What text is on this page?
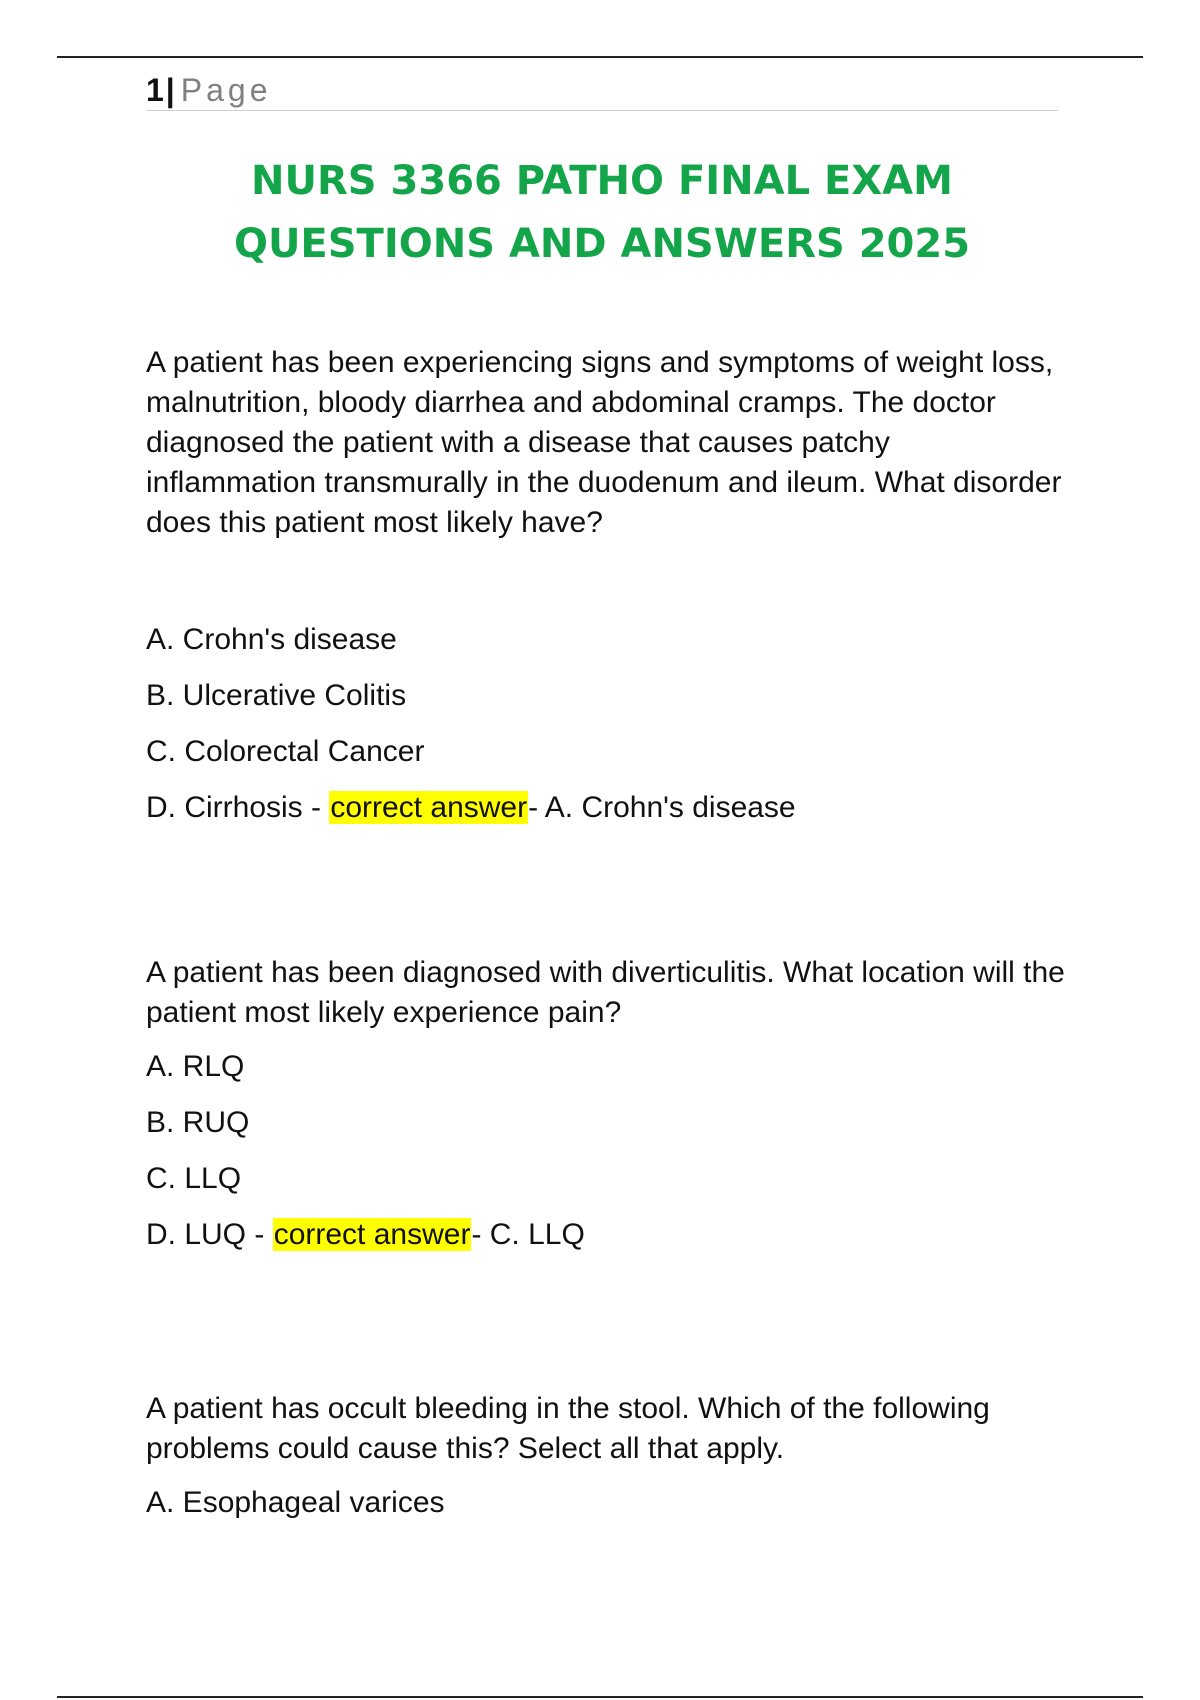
1| Page
NURS 3366 PATHO FINAL EXAM
QUESTIONS AND ANSWERS 2025

A patient has been experiencing signs and symptoms of weight loss, malnutrition, bloody diarrhea and abdominal cramps. The doctor diagnosed the patient with a disease that causes patchy inflammation transmurally in the duodenum and ileum. What disorder does this patient most likely have?

A. Crohn's disease

B. Ulcerative Colitis

C. Colorectal Cancer

D. Cirrhosis - correct answer- A. Crohn's disease

A patient has been diagnosed with diverticulitis. What location will the patient most likely experience pain?

A. RLQ

B. RUQ

C. LLQ

D. LUQ - correct answer- C. LLQ

A patient has occult bleeding in the stool. Which of the following problems could cause this? Select all that apply.

A. Esophageal varices
